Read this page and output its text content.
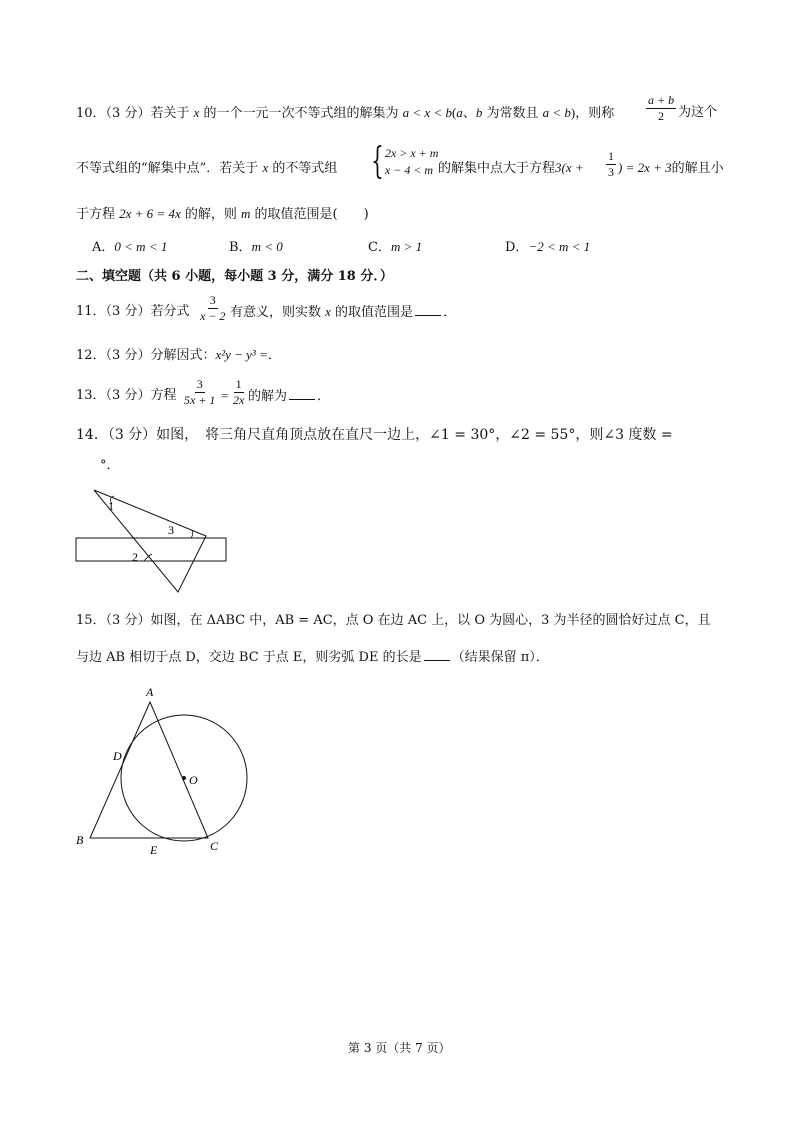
10．（3 分）若关于 x 的一个一元一次不等式组的解集为 a < x < b(a、b 为常数且 a < b)，则称	$\frac{a + b}{2}$ 为这个
不等式组的“解集中点”．若关于 x 的不等式组 { 2x > x + m
x − 4 < m 的解集中点大于方程$3(x + \frac{1}{3}$ ) = 2x + 3的解且小
于方程 2x + 6 = 4x 的解，则 m 的取值范围是(　　)
A．0 < m < 1	B．m < 0	C．m > 1	D．−2 < m < 1
二、填空题（共 6 小题，每小题 3 分，满分 18 分．）
11．（3 分）若分式 $\frac{3}{x - 2}$ 有意义，则实数 x 的取值范围是 ．
12．（3 分）分解因式：x²y − y³ =．
13．（3 分）方程 $\frac{3}{5x + 1} = \frac{1}{2x}$ 的解为 ．
14．（3 分）如图，　将三角尺直角顶点放在直尺一边上，∠1 = 30°，∠2 = 55°，则∠3 度数 =
°．
1
3
2
15．（3 分）如图，在 ΔABC 中，AB = AC，点 O 在边 AC 上，以 O 为圆心，3 为半径的圆恰好过点 C，且
与边 AB 相切于点 D，交边 BC 于点 E，则劣弧 DE 的长是 （结果保留 π）．
A
B	C
D
E
O
第 3 页（共 7 页）
